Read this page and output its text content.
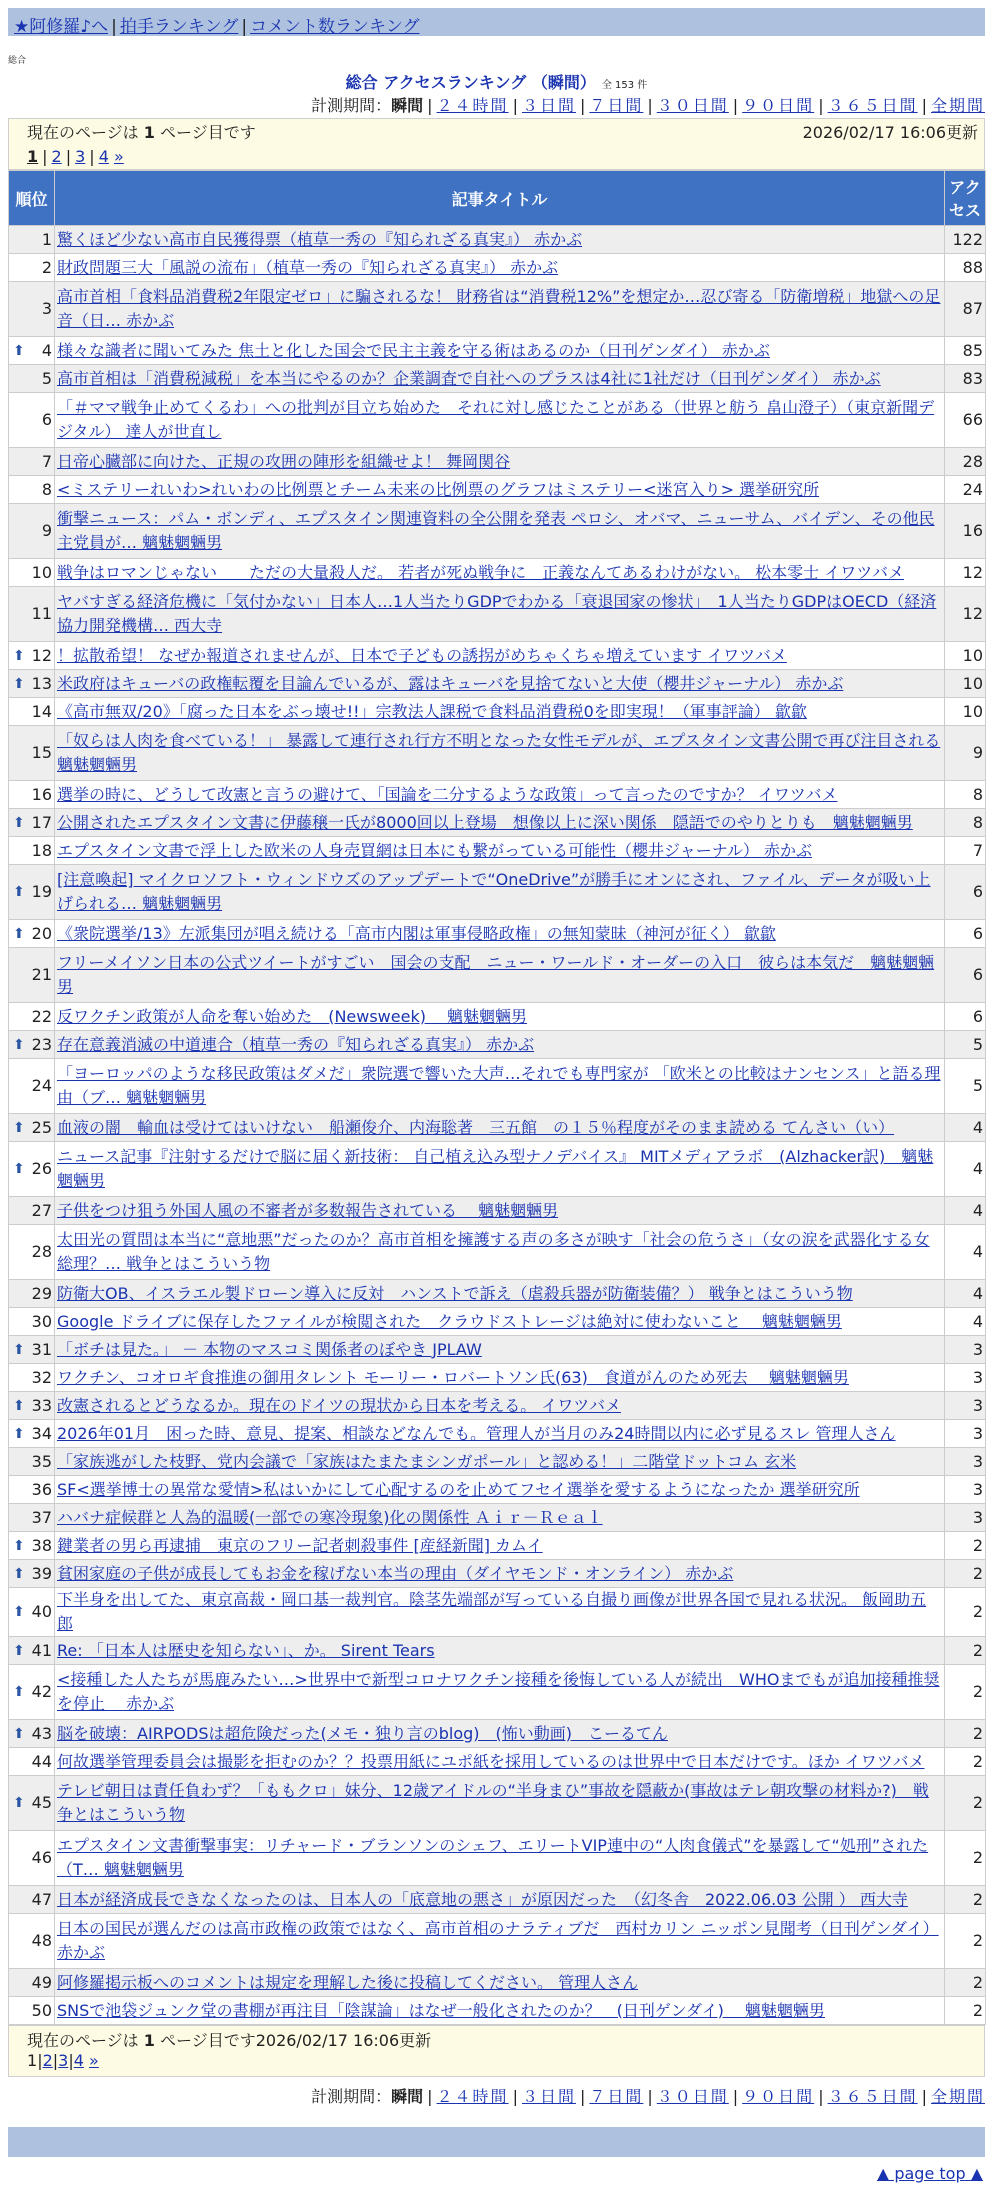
★阿修羅♪へ | 拍手ランキング | コメント数ランキング
総合
総合 アクセスランキング （瞬間） 全 153 件
計測期間：瞬間 | ２４時間 | ３日間 | ７日間 | ３０日間 | ９０日間 | ３６５日間 | 全期間
現在のページは 1 ページ目です	2026/02/17 16:06更新
1 | 2 | 3 | 4 »
順位	記事タイトル	アクセス
1	驚くほど少ない高市自民獲得票（植草一秀の『知られざる真実』） 赤かぶ	122
2	財政問題三大「風説の流布」（植草一秀の『知られざる真実』） 赤かぶ	88
3	高市首相「食料品消費税2年限定ゼロ」に騙されるな！ 財務省は“消費税12%”を想定か…忍び寄る「防衛増税」地獄への足音（日… 赤かぶ	87

⬆ 4	様々な識者に聞いてみた 焦土と化した国会で民主主義を守る術はあるのか（日刊ゲンダイ） 赤かぶ	85
5	高市首相は「消費税減税」を本当にやるのか？企業調査で自社へのプラスは4社に1社だけ（日刊ゲンダイ） 赤かぶ	83
6	「＃ママ戦争止めてくるわ」への批判が目立ち始めた　それに対し感じたことがある（世界と舫う 畠山澄子）（東京新聞デジタル） 達人が世直し	66
7	日帝心臓部に向けた、正規の攻囲の陣形を組織せよ！ 舞岡関谷	28
8	<ミステリーれいわ>れいわの比例票とチーム未来の比例票のグラフはミステリー<迷宮入り> 選挙研究所	24
9	衝撃ニュース：パム・ボンディ、エプスタイン関連資料の全公開を発表 ペロシ、オバマ、ニューサム、バイデン、その他民主党員が… 魑魅魍魎男	16
10	戦争はロマンじゃない　　ただの大量殺人だ。 若者が死ぬ戦争に　正義なんてあるわけがない。 松本零士 イワツバメ	12
11	ヤバすぎる経済危機に「気付かない」日本人…1人当たりGDPでわかる「衰退国家の惨状」　1人当たりGDPはOECD（経済協力開発機構… 西大寺	12

⬆ 12	！拡散希望！ なぜか報道されませんが、日本で子どもの誘拐がめちゃくちゃ増えています イワツバメ	10

⬆ 13	米政府はキューバの政権転覆を目論んでいるが、露はキューバを見捨てないと大使（櫻井ジャーナル） 赤かぶ	10
14	《高市無双/20》「腐った日本をぶっ壊せ!!」宗教法人課税で食料品消費税0を即実現！（軍事評論） 歙歙	10
15	「奴らは人肉を食べている！」 暴露して連行され行方不明となった女性モデルが、エプスタイン文書公開で再び注目される 魑魅魍魎男	9
16	選挙の時に、どうして改憲と言うの避けて、「国論を二分するような政策」って言ったのですか？ イワツバメ	8

⬆ 17	公開されたエプスタイン文書に伊藤穣一氏が8000回以上登場　想像以上に深い関係　隠語でのやりとりも　魑魅魍魎男	8
18	エプスタイン文書で浮上した欧米の人身売買網は日本にも繋がっている可能性（櫻井ジャーナル） 赤かぶ	7

⬆ 19	[注意喚起] マイクロソフト・ウィンドウズのアップデートで“OneDrive”が勝手にオンにされ、ファイル、データが吸い上げられる… 魑魅魍魎男	6

⬆ 20	《衆院選挙/13》左派集団が唱え続ける「高市内閣は軍事侵略政権」の無知蒙昧（神河が征く） 歙歙	6
21	フリーメイソン日本の公式ツイートがすごい　国会の支配　ニュー・ワールド・オーダーの入口　彼らは本気だ　魑魅魍魎男	6
22	反ワクチン政策が人命を奪い始めた　(Newsweek)　 魑魅魍魎男	6

⬆ 23	存在意義消滅の中道連合（植草一秀の『知られざる真実』） 赤かぶ	5
24	「ヨーロッパのような移民政策はダメだ」衆院選で響いた大声…それでも専門家が 「欧米との比較はナンセンス」と語る理由（ブ… 魑魅魍魎男	5

⬆ 25	血液の闇　輸血は受けてはいけない　船瀬俊介、内海聡著　三五館　の１５％程度がそのまま読める てんさい（い）	4

⬆ 26	ニュース記事『注射するだけで脳に届く新技術： 自己植え込み型ナノデバイス』 MITメディアラボ　(Alzhacker訳)　魑魅魍魎男	4
27	子供をつけ狙う外国人風の不審者が多数報告されている　 魑魅魍魎男	4
28	太田光の質問は本当に“意地悪”だったのか？高市首相を擁護する声の多さが映す「社会の危うさ」（女の涙を武器化する女総理？… 戦争とはこういう物	4
29	防衛大OB、イスラエル製ドローン導入に反対　ハンストで訴え（虐殺兵器が防衛装備？） 戦争とはこういう物	4
30	Google ドライブに保存したファイルが検閲された　クラウドストレージは絶対に使わないこと　 魑魅魍魎男	4

⬆ 31	「ボチは見た。」 － 本物のマスコミ関係者のぼやき JPLAW	3
32	ワクチン、コオロギ食推進の御用タレント モーリー・ロバートソン氏(63)　食道がんのため死去　 魑魅魍魎男	3

⬆ 33	改憲されるとどうなるか。現在のドイツの現状から日本を考える。 イワツバメ	3

⬆ 34	2026年01月　困った時、意見、提案、相談などなんでも。管理人が当月のみ24時間以内に必ず見るスレ 管理人さん	3
35	「家族逃がした枝野、党内会議で「家族はたまたまシンガポール」と認める！」二階堂ドットコム 玄米	3
36	SF<選挙博士の異常な愛情>私はいかにして心配するのを止めてフセイ選挙を愛するようになったか 選挙研究所	3
37	ハバナ症候群と人為的温暖(一部での寒冷現象)化の関係性 Ａｉｒ－Ｒｅａｌ	3

⬆ 38	鍵業者の男ら再逮捕　東京のフリー記者刺殺事件 [産経新聞] カムイ	2

⬆ 39	貧困家庭の子供が成長してもお金を稼げない本当の理由（ダイヤモンド・オンライン） 赤かぶ	2

⬆ 40	下半身を出してた、東京高裁・岡口基一裁判官。陰茎先端部が写っている自撮り画像が世界各国で見れる状況。 飯岡助五郎	2

⬆ 41	Re: 「日本人は歴史を知らない」、か。 Sirent Tears	2

⬆ 42	<接種した人たちが馬鹿みたい…>世界中で新型コロナワクチン接種を後悔している人が続出　WHOまでもが追加接種推奨を停止　 赤かぶ	2

⬆ 43	脳を破壊：AIRPODSは超危険だった(メモ・独り言のblog)　(怖い動画)　こーるてん	2
44	何故選挙管理委員会は撮影を拒むのか？？投票用紙にユポ紙を採用しているのは世界中で日本だけです。ほか イワツバメ	2

⬆ 45	テレビ朝日は責任負わず？「ももクロ」妹分、12歳アイドルの“半身まひ”事故を隠蔽か(事故はテレ朝攻撃の材料か?)　戦争とはこういう物	2
46	エプスタイン文書衝撃事実：リチャード・ブランソンのシェフ、エリートVIP連中の“人肉食儀式”を暴露して“処刑”された（T… 魑魅魍魎男	2
47	日本が経済成長できなくなったのは、日本人の「底意地の悪さ」が原因だった　（幻冬舎　2022.06.03 公開 ） 西大寺	2
48	日本の国民が選んだのは高市政権の政策ではなく、高市首相のナラティブだ　西村カリン ニッポン見聞考（日刊ゲンダイ） 赤かぶ	2
49	阿修羅掲示板へのコメントは規定を理解した後に投稿してください。 管理人さん	2
50	SNSで池袋ジュンク堂の書棚が再注目「陰謀論」はなぜ一般化されたのか？　(日刊ゲンダイ)　 魑魅魍魎男	2
現在のページは 1 ページ目です2026/02/17 16:06更新
1|2|3|4 »
計測期間：瞬間 | ２４時間 | ３日間 | ７日間 | ３０日間 | ９０日間 | ３６５日間 | 全期間
▲ page top ▲
